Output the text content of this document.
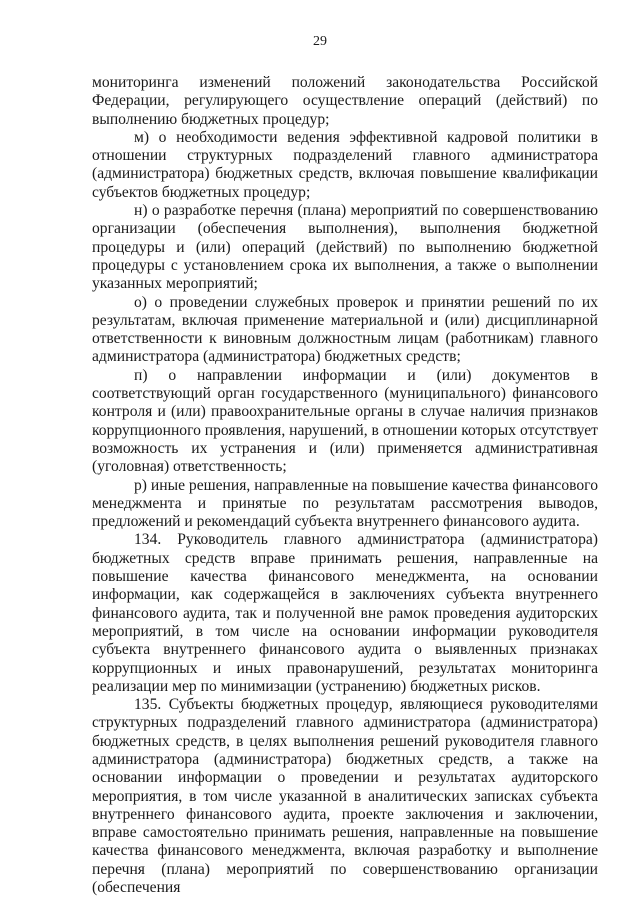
29

мониторинга изменений положений законодательства Российской Федерации, регулирующего осуществление операций (действий) по выполнению бюджетных процедур;

м) о необходимости ведения эффективной кадровой политики в отношении структурных подразделений главного администратора (администратора) бюджетных средств, включая повышение квалификации субъектов бюджетных процедур;

н) о разработке перечня (плана) мероприятий по совершенствованию организации (обеспечения выполнения), выполнения бюджетной процедуры и (или) операций (действий) по выполнению бюджетной процедуры с установлением срока их выполнения, а также о выполнении указанных мероприятий;

о) о проведении служебных проверок и принятии решений по их результатам, включая применение материальной и (или) дисциплинарной ответственности к виновным должностным лицам (работникам) главного администратора (администратора) бюджетных средств;

п) о направлении информации и (или) документов в соответствующий орган государственного (муниципального) финансового контроля и (или) правоохранительные органы в случае наличия признаков коррупционного проявления, нарушений, в отношении которых отсутствует возможность их устранения и (или) применяется административная (уголовная) ответственность;

р) иные решения, направленные на повышение качества финансового менеджмента и принятые по результатам рассмотрения выводов, предложений и рекомендаций субъекта внутреннего финансового аудита.

134. Руководитель главного администратора (администратора) бюджетных средств вправе принимать решения, направленные на повышение качества финансового менеджмента, на основании информации, как содержащейся в заключениях субъекта внутреннего финансового аудита, так и полученной вне рамок проведения аудиторских мероприятий, в том числе на основании информации руководителя субъекта внутреннего финансового аудита о выявленных признаках коррупционных и иных правонарушений, результатах мониторинга реализации мер по минимизации (устранению) бюджетных рисков.

135. Субъекты бюджетных процедур, являющиеся руководителями структурных подразделений главного администратора (администратора) бюджетных средств, в целях выполнения решений руководителя главного администратора (администратора) бюджетных средств, а также на основании информации о проведении и результатах аудиторского мероприятия, в том числе указанной в аналитических записках субъекта внутреннего финансового аудита, проекте заключения и заключении, вправе самостоятельно принимать решения, направленные на повышение качества финансового менеджмента, включая разработку и выполнение перечня (плана) мероприятий по совершенствованию организации (обеспечения
